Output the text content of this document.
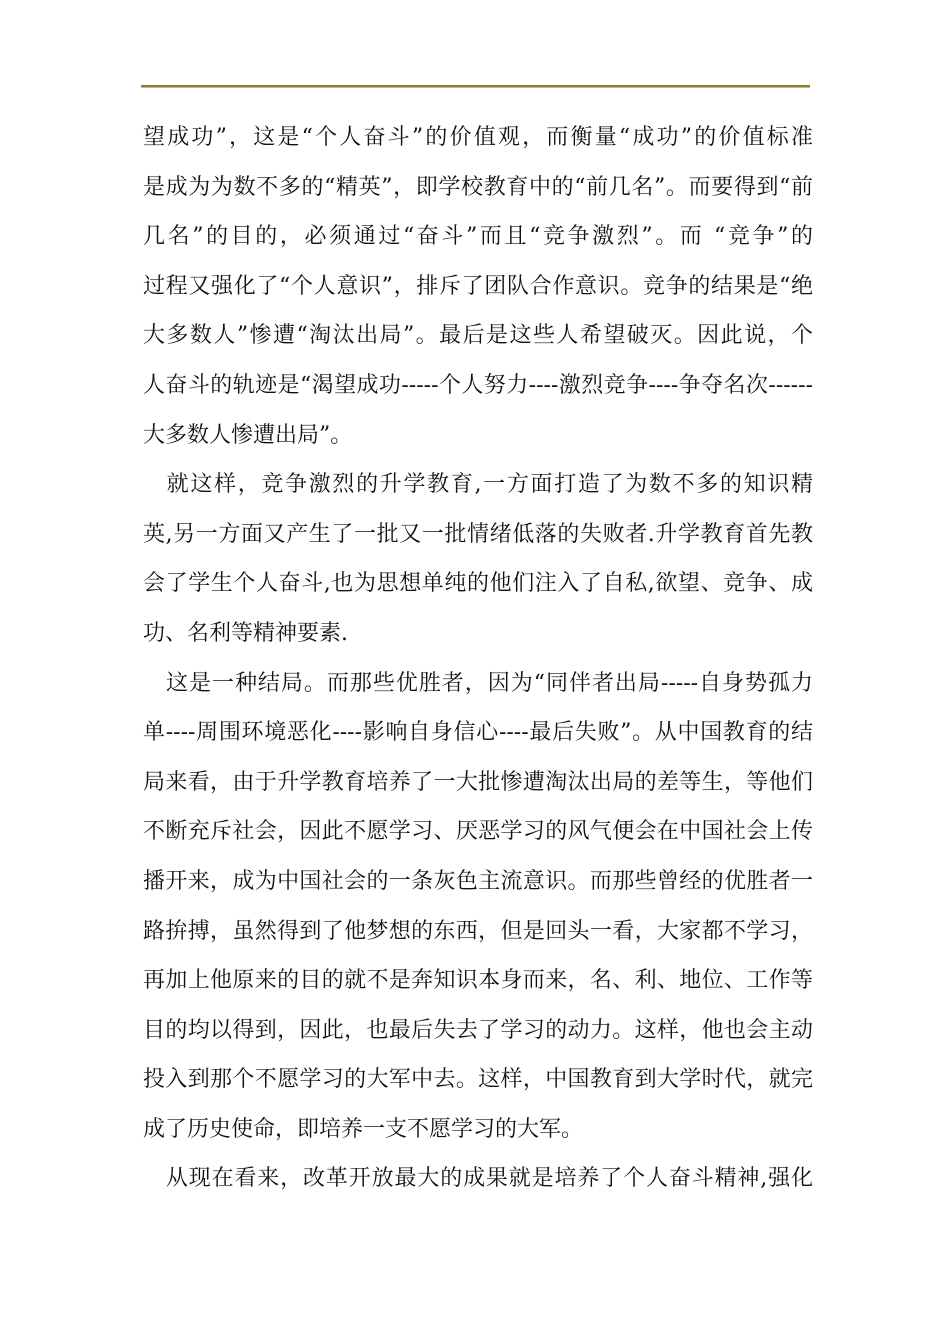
望成功”，这是“个人奋斗”的价值观，而衡量“成功”的价值标准
是成为为数不多的“精英”，即学校教育中的“前几名”。而要得到“前
几名”的目的，必须通过“奋斗”而且“竞争激烈”。而 “竞争”的
过程又强化了“个人意识”，排斥了团队合作意识。竞争的结果是“绝
大多数人”惨遭“淘汰出局”。最后是这些人希望破灭。因此说，个
人奋斗的轨迹是“渴望成功-----个人努力----激烈竞争----争夺名次------
大多数人惨遭出局”。
　就这样，竞争激烈的升学教育,一方面打造了为数不多的知识精
英,另一方面又产生了一批又一批情绪低落的失败者.升学教育首先教
会了学生个人奋斗,也为思想单纯的他们注入了自私,欲望、竞争、成
功、名利等精神要素.
　这是一种结局。而那些优胜者，因为“同伴者出局-----自身势孤力
单----周围环境恶化----影响自身信心----最后失败”。从中国教育的结
局来看，由于升学教育培养了一大批惨遭淘汰出局的差等生，等他们
不断充斥社会，因此不愿学习、厌恶学习的风气便会在中国社会上传
播开来，成为中国社会的一条灰色主流意识。而那些曾经的优胜者一
路拚搏，虽然得到了他梦想的东西，但是回头一看，大家都不学习，
再加上他原来的目的就不是奔知识本身而来，名、利、地位、工作等
目的均以得到，因此，也最后失去了学习的动力。这样，他也会主动
投入到那个不愿学习的大军中去。这样，中国教育到大学时代，就完
成了历史使命，即培养一支不愿学习的大军。
　从现在看来，改革开放最大的成果就是培养了个人奋斗精神,强化
